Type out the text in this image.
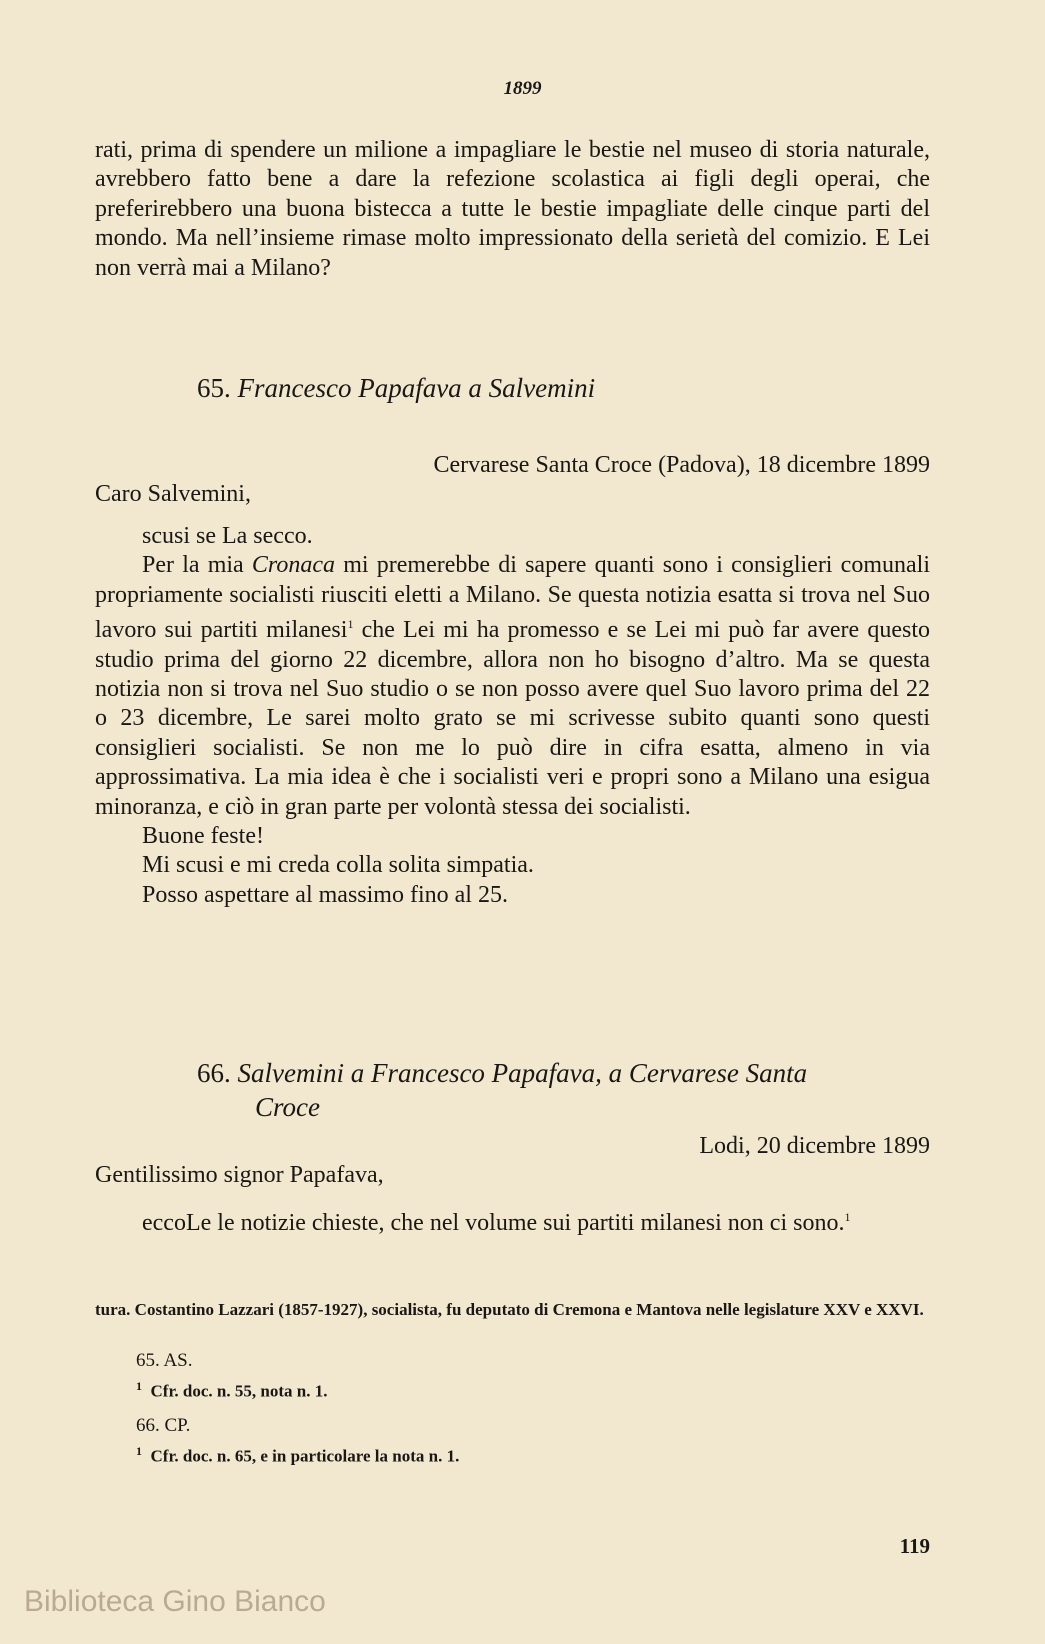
1899

rati, prima di spendere un milione a impagliare le bestie nel museo di storia naturale, avrebbero fatto bene a dare la refezione scolastica ai figli degli operai, che preferirebbero una buona bistecca a tutte le bestie impagliate delle cinque parti del mondo. Ma nell’insieme rimase molto impressionato della serietà del comizio. E Lei non verrà mai a Milano?

65. Francesco Papafava a Salvemini
Cervarese Santa Croce (Padova), 18 dicembre 1899
Caro Salvemini,

scusi se La secco.

Per la mia Cronaca mi premerebbe di sapere quanti sono i consiglieri comunali propriamente socialisti riusciti eletti a Milano. Se questa notizia esatta si trova nel Suo lavoro sui partiti milanesi$^1$ che Lei mi ha promesso e se Lei mi può far avere questo studio prima del giorno 22 dicembre, allora non ho bisogno d’altro. Ma se questa notizia non si trova nel Suo studio o se non posso avere quel Suo lavoro prima del 22 o 23 dicembre, Le sarei molto grato se mi scrivesse subito quanti sono questi consiglieri socialisti. Se non me lo può dire in cifra esatta, almeno in via approssimativa. La mia idea è che i socialisti veri e propri sono a Milano una esigua minoranza, e ciò in gran parte per volontà stessa dei socialisti.

Buone feste!

Mi scusi e mi creda colla solita simpatia.

Posso aspettare al massimo fino al 25.

66. Salvemini a Francesco Papafava, a Cervarese Santa
Croce
Lodi, 20 dicembre 1899
Gentilissimo signor Papafava,

eccoLe le notizie chieste, che nel volume sui partiti milanesi non ci sono.$^1$

tura. Costantino Lazzari (1857-1927), socialista, fu deputato di Cremona e Mantova nelle legislature XXV e XXVI.
65. AS.
$^1$ Cfr. doc. n. 55, nota n. 1.
66. CP.
$^1$ Cfr. doc. n. 65, e in particolare la nota n. 1.
119
Biblioteca Gino Bianco
